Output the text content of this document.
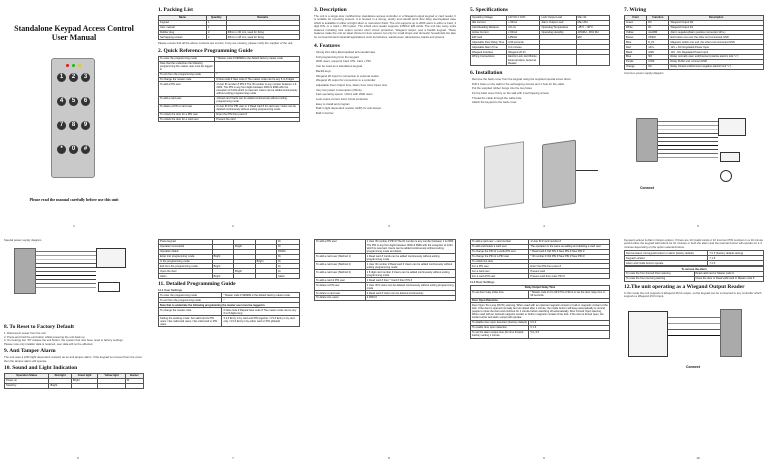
Standalone Keypad Access Control
User Manual
1	2	3
4	5	6
7	8	9
*	0	#
Please read the manual carefully before use this unit
1
1. Packing List
Name	Quantity	Remarks
Keypad	1	
User manual	1	
Rubber plug	2	Φ6mm x 30 mm, used for fixing
Self tapping screws	2	Φ4mm x 28 mm, used for fixing
Please ensure that all the above contents are correct, if any are missing, please notify the supplier of the unit.
2. Quick Reference Programming Guide
To enter the programming mode	* Master code # 999999 is the default factory master code
Note that the underlines the following programming the master user must be logged in	
To exit from the programming mode	*
To change the master code	0 New code # New code # The master code can be any 6 to 8 digits
To add a PIN user	1 User ID number # PIN # The ID number is any number between 1 & 2000. The PIN is any four digits between 0000 & 9999 with the exception of 1234 which is reserved. Users can be added continuously without exiting programming mode
To add a card user	1 Read card Cards can be added continuously without exiting programming mode
To delete a PIN or card user	2 User ID # for PIN user or 2 Read card # for card user. Users can be deleted continuously without exiting programming mode
To unlock the door for a PIN user	Enter the PIN then press #
To unlock the door for a card user	Present the card
2
3. Description
The unit is a single door multifunction standalone access controller or a Wiegand output keypad or card reader. It is suitable for mounting indoors. It is housed in a strong, sturdy and vandal proof Zinc Alloy electroplated case which is available in either a bright silver or matt silver finish. The unit supports up to 2000 users in either a Card, 4 digit PIN, or a Card + PIN option. The inbuilt card reader supports 125KHz EM cards. The unit has many extra features including lock output current short circuit protection, Wiegand output, and a backlit keypad. These features make the unit an ideal choice for door access not only for small shops and domestic households but also for commercial and industrial applications such as factories, warehouses, laboratories, banks and prisons.
4. Features
Strong Zinc Alloy Electroplated anti-vandal case
Full programming from the keypad
2000 users, supports Card, PIN, Card + PIN
Can be used as a standalone keypad
Backlit keys
Wiegand 26 input for connection to external reader
Wiegand 26 output for connection to a controller
Adjustable Door Output time, Alarm time, Door Open time
Very low power consumption (30mA)
Fast operating speed, <20ms with 2000 users
Lock output current short circuit protection
Easy to install and program
Built in light dependent resistor (LDR) for anti tamper
Built in buzzer
3
5. Specifications
Operating Voltage	12V DC ± 10%	Lock Output Load	Max 3A
Idle Current	≤ 30mA	Alarm Output Load	Max 20A
Card Reading Distance	3-6 cm	Operating Temperature	-45°C ~ 60°C
Active Current	≤ 60mA	Operating Humidity	10%RH - 90% RH
EM Card	125KHz		EM
Adjustable Door Relay Time	0-99 seconds		
Adjustable Alarm Time	0-3 minutes		
Wiegand Interface	Wiegand 26 bit		
Wiring Connections	Electric Lock, Exit Button, External Alarm, External Reader		
6. Installation
Remove the back cover from the keypad using the supplied special screw driver
Drill 2 holes on the wall for the self-tapping screws and 1 hole for the cable
Put the supplied rubber bungs into the two holes
Fix the back cover firmly on the wall with 2 self tapping screws
Thread the cable through the cable hole
Attach the keypad to the back cover.
4
7. Wiring
Color	Function	Description
Green	D0	Wiegand Output D0
White	D1	Wiegand Output D1
Yellow	ALARM	Alarm negative(Alarm positive connected 12V+)
Brown	OPEN	Exit button one end, the other end connected GND
Blue	D_IN	Magnetic switch one end, the other end connected GND
Red	12V+	12V + DC Regulated Power Input
Black	GND	12V - DC Regulated Power Input
Blue	NO	Relay normally open end(Connect positive electric lock "+")
Purple	COM	Relay Public end, connect GND
Orange	NC	Relay Closed end(Connect negative electric lock "+")
Common power supply diagram
Connect
5
Special power supply diagram
8. To Reset to Factory Default
1. Disconnect power from the unit
2. Press and hold the exit button whilst powering the unit back up
3. On hearing two "Di" release the exit button, the system has now been reset to factory settings
Please note only installer data is restored, user data will not be affected.
9. Anti Tamper Alarm
The unit uses a LDR (light dependent resistor) as an anti tamper alarm. If the keypad is removed from the cover then the tamper alarm will operate.
10. Sound and Light Indication
Operation Status	Red light	Green light	Yellow light	Buzzer
Power on		Bright		Di
Stand by	Bright			
6
Press keypad				Di
Operation successful		Bright		Di
Operation failed				DiDiDi
Enter into programming mode	Bright			Di
In the programming mode			Bright	Di
Exit from the programming mode	Bright			Di
Open the door		Bright		Di
Alarm	Bright			Alarm
11. Detailed Programming Guide
11.1 User Settings
To enter the programming mode	* Master code # 999999 is the default factory master code
To exit from the programming mode	*
Note that to undertake the following programming the master user must be logged in	
To change the master code	0 New code # Repeat New code # The master code can be any 6 to 8 digits long
Setting the working mode: Set valid card & PIN users / Set valid card users / Set valid card or PIN users	3 4 # Entry is by card and PIN together / 3 5 # Entry is by card only / 3 6 # Entry is by either card or PIN (default)
7
To add a PIN user	1 User ID number # PIN # The ID number is any number between 1 & 2000. The PIN is any four digits between 0000 & 9999 with the exception of 1234 which is reserved. Users can be added continuously without exiting programming mode as follows
To add a card user (Method 1)	1 Read card # Cards can be added continuously without exiting programming mode
To add a card user (Method 2)	1 User ID number # Read card # Users can be added continuously without exiting programming mode
To add a card user (Method 3)	1 8 digit card number # Users can be added continuously without exiting programming mode
To add a card & PIN user	1 Read card # then * Card # then PIN #
To delete a PIN user	2 User ID # Users can be deleted continuously without exiting programming mode
To delete a card user	2 Read card # Users can be deleted continuously
To delete ALL users	2 0000 #
8
To add a card user + card number	1 User ID # card number #
To add and Delete a card user	The operation is the same as adding and deleting a card user
To change the PIN of a card+PIN user	* Read card # Old PIN # New PIN # New PIN #
To change the PIN of a PIN user	* ID number # Old PIN # New PIN # New PIN #
To unlock the door	
For a PIN user	Enter the PIN then press #
For a card user	Present card
For a card+PIN user	Present card then enter PIN #
11.2 Door Settings
Relay Output Delay Time	
To set door relay strike time	* Master code # 4 0~99 # The 0-99 is to set the door relay time 0-99 seconds
Door Open Detection	
Door Open Too Long (DOTL) warning. When used with an optional magnetic contact or built-in magnetic contact of the lock. If the door is opened normally but not closed after 1 minute, the inside buzzer will beep automatically to remind people to close the door and continue for 1 minute before switching off automatically. Door Forced Open warning. When used with an optional magnetic contact or built-in magnetic contact of the lock. If the door is forced open, the inside buzzer and alarm output will operate.	
To disable door open detection (Factory default)	6 0 #
To enable door open detection	6 1 #
To set the alarm output time (for time limited) Factory setting 1 minute	5 0~3 #
9
Keypad Lockout & Alarm Output options: If there are 10 invalid cards or 10 incorrect PIN numbers in a 10 minute period either the keypad will lockout for 10 minutes or both the alarm and the internal buzzer will operate for 1-3 minutes depending on the option selected below.
Normal status: No keypad lockout or alarm (factory default)	7 0 # (Factory default setting)
Keypad Lockout	7 1 #
Alarm and inside buzzer operate	7 2 #
To remove the alarm	
To reset the from Forced Door warning	Read valid card or Master code #
To reset the from too long warning	Close the door or Read valid card or Master code #
12.The unit operating as a Wiegand Output Reader
In this mode the unit supports a Wiegand 26 bit output, so the keypad can be connected to any controller which supports a Wiegand 26 bit input.
Connect
10
